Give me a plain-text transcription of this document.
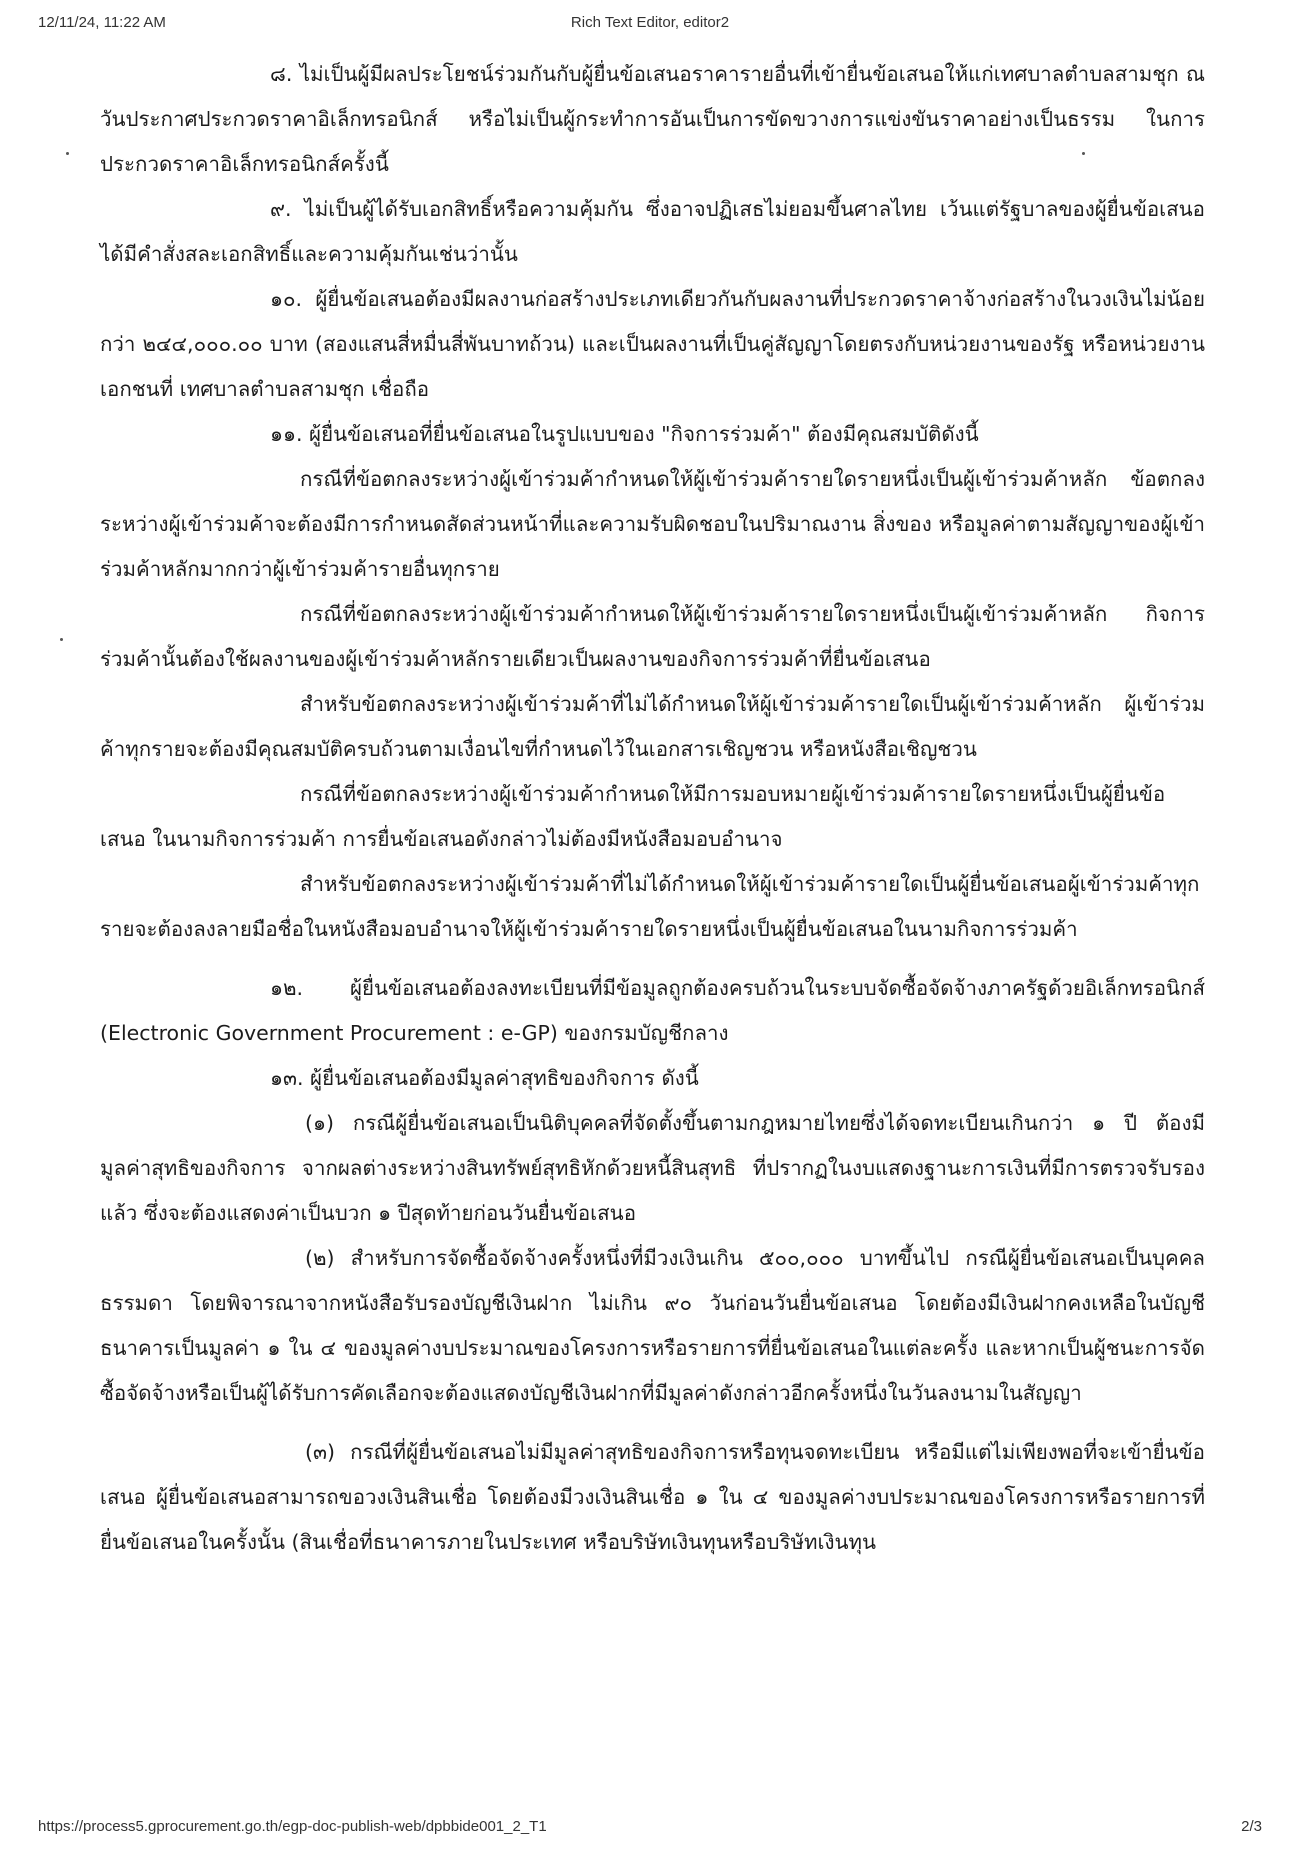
12/11/24, 11:22 AM	Rich Text Editor, editor2

๘. ไม่เป็นผู้มีผลประโยชน์ร่วมกันกับผู้ยื่นข้อเสนอราคารายอื่นที่เข้ายื่นข้อเสนอให้แก่เทศบาลตำบลสามชุก ณ วันประกาศประกวดราคาอิเล็กทรอนิกส์ หรือไม่เป็นผู้กระทำการอันเป็นการขัดขวางการแข่งขันราคาอย่างเป็นธรรม ในการประกวดราคาอิเล็กทรอนิกส์ครั้งนี้

๙. ไม่เป็นผู้ได้รับเอกสิทธิ์หรือความคุ้มกัน ซึ่งอาจปฏิเสธไม่ยอมขึ้นศาลไทย เว้นแต่รัฐบาลของผู้ยื่นข้อเสนอได้มีคำสั่งสละเอกสิทธิ์และความคุ้มกันเช่นว่านั้น

๑๐. ผู้ยื่นข้อเสนอต้องมีผลงานก่อสร้างประเภทเดียวกันกับผลงานที่ประกวดราคาจ้างก่อสร้างในวงเงินไม่น้อยกว่า ๒๔๔,๐๐๐.๐๐ บาท (สองแสนสี่หมื่นสี่พันบาทถ้วน) และเป็นผลงานที่เป็นคู่สัญญาโดยตรงกับหน่วยงานของรัฐ หรือหน่วยงานเอกชนที่ เทศบาลตำบลสามชุก เชื่อถือ

๑๑. ผู้ยื่นข้อเสนอที่ยื่นข้อเสนอในรูปแบบของ "กิจการร่วมค้า" ต้องมีคุณสมบัติดังนี้

กรณีที่ข้อตกลงระหว่างผู้เข้าร่วมค้ากำหนดให้ผู้เข้าร่วมค้ารายใดรายหนึ่งเป็นผู้เข้าร่วมค้าหลัก ข้อตกลงระหว่างผู้เข้าร่วมค้าจะต้องมีการกำหนดสัดส่วนหน้าที่และความรับผิดชอบในปริมาณงาน สิ่งของ หรือมูลค่าตามสัญญาของผู้เข้าร่วมค้าหลักมากกว่าผู้เข้าร่วมค้ารายอื่นทุกราย

กรณีที่ข้อตกลงระหว่างผู้เข้าร่วมค้ากำหนดให้ผู้เข้าร่วมค้ารายใดรายหนึ่งเป็นผู้เข้าร่วมค้าหลัก กิจการร่วมค้านั้นต้องใช้ผลงานของผู้เข้าร่วมค้าหลักรายเดียวเป็นผลงานของกิจการร่วมค้าที่ยื่นข้อเสนอ

สำหรับข้อตกลงระหว่างผู้เข้าร่วมค้าที่ไม่ได้กำหนดให้ผู้เข้าร่วมค้ารายใดเป็นผู้เข้าร่วมค้าหลัก ผู้เข้าร่วมค้าทุกรายจะต้องมีคุณสมบัติครบถ้วนตามเงื่อนไขที่กำหนดไว้ในเอกสารเชิญชวน หรือหนังสือเชิญชวน

กรณีที่ข้อตกลงระหว่างผู้เข้าร่วมค้ากำหนดให้มีการมอบหมายผู้เข้าร่วมค้ารายใดรายหนึ่งเป็นผู้ยื่นข้อเสนอ ในนามกิจการร่วมค้า การยื่นข้อเสนอดังกล่าวไม่ต้องมีหนังสือมอบอำนาจ

สำหรับข้อตกลงระหว่างผู้เข้าร่วมค้าที่ไม่ได้กำหนดให้ผู้เข้าร่วมค้ารายใดเป็นผู้ยื่นข้อเสนอผู้เข้าร่วมค้าทุกรายจะต้องลงลายมือชื่อในหนังสือมอบอำนาจให้ผู้เข้าร่วมค้ารายใดรายหนึ่งเป็นผู้ยื่นข้อเสนอในนามกิจการร่วมค้า

๑๒. ผู้ยื่นข้อเสนอต้องลงทะเบียนที่มีข้อมูลถูกต้องครบถ้วนในระบบจัดซื้อจัดจ้างภาครัฐด้วยอิเล็กทรอนิกส์ (Electronic Government Procurement : e-GP) ของกรมบัญชีกลาง

๑๓. ผู้ยื่นข้อเสนอต้องมีมูลค่าสุทธิของกิจการ ดังนี้

(๑) กรณีผู้ยื่นข้อเสนอเป็นนิติบุคคลที่จัดตั้งขึ้นตามกฎหมายไทยซึ่งได้จดทะเบียนเกินกว่า ๑ ปี ต้องมีมูลค่าสุทธิของกิจการ จากผลต่างระหว่างสินทรัพย์สุทธิหักด้วยหนี้สินสุทธิ ที่ปรากฏในงบแสดงฐานะการเงินที่มีการตรวจรับรองแล้ว ซึ่งจะต้องแสดงค่าเป็นบวก ๑ ปีสุดท้ายก่อนวันยื่นข้อเสนอ

(๒) สำหรับการจัดซื้อจัดจ้างครั้งหนึ่งที่มีวงเงินเกิน ๕๐๐,๐๐๐ บาทขึ้นไป กรณีผู้ยื่นข้อเสนอเป็นบุคคลธรรมดา โดยพิจารณาจากหนังสือรับรองบัญชีเงินฝาก ไม่เกิน ๙๐ วันก่อนวันยื่นข้อเสนอ โดยต้องมีเงินฝากคงเหลือในบัญชีธนาคารเป็นมูลค่า ๑ ใน ๔ ของมูลค่างบประมาณของโครงการหรือรายการที่ยื่นข้อเสนอในแต่ละครั้ง และหากเป็นผู้ชนะการจัดซื้อจัดจ้างหรือเป็นผู้ได้รับการคัดเลือกจะต้องแสดงบัญชีเงินฝากที่มีมูลค่าดังกล่าวอีกครั้งหนึ่งในวันลงนามในสัญญา

(๓) กรณีที่ผู้ยื่นข้อเสนอไม่มีมูลค่าสุทธิของกิจการหรือทุนจดทะเบียน หรือมีแต่ไม่เพียงพอที่จะเข้ายื่นข้อเสนอ ผู้ยื่นข้อเสนอสามารถขอวงเงินสินเชื่อ โดยต้องมีวงเงินสินเชื่อ ๑ ใน ๔ ของมูลค่างบประมาณของโครงการหรือรายการที่ยื่นข้อเสนอในครั้งนั้น (สินเชื่อที่ธนาคารภายในประเทศ หรือบริษัทเงินทุนหรือบริษัทเงินทุน

https://process5.gprocurement.go.th/egp-doc-publish-web/dpbbide001_2_T1	2/3
